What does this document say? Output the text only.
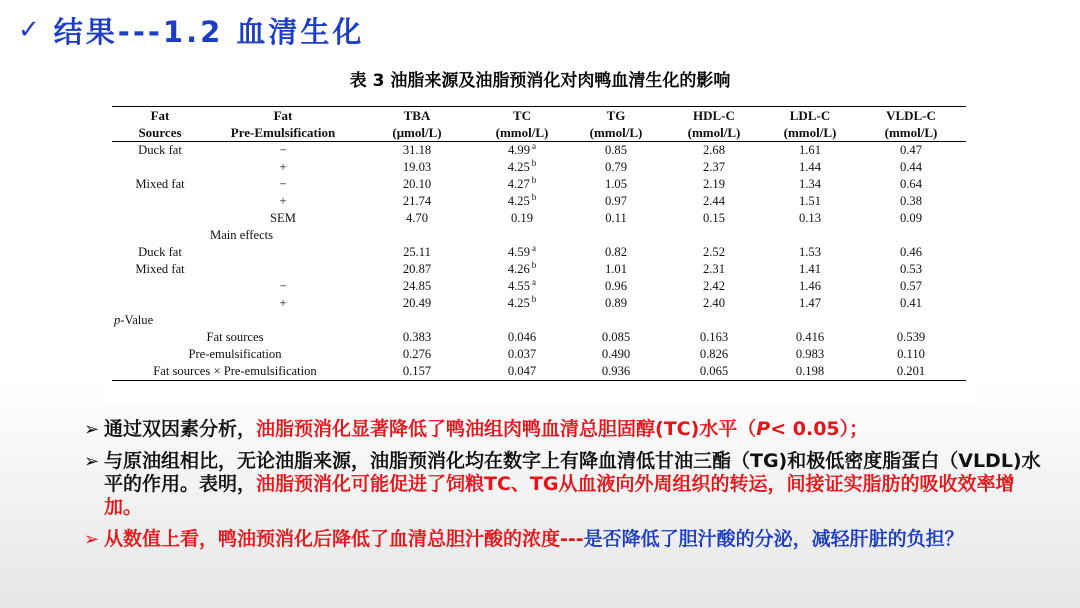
✓ 结果---1.2 血清生化
表 3 油脂来源及油脂预消化对肉鸭血清生化的影响
Fat	Fat	TBA	TC	TG	HDL-C	LDL-C	VLDL-C
Sources	Pre-Emulsification	(μmol/L)	(mmol/L)	(mmol/L)	(mmol/L)	(mmol/L)	(mmol/L)
Duck fat	−	31.18	4.99 $^a$	0.85	2.68	1.61	0.47
	+	19.03	4.25 $^b$	0.79	2.37	1.44	0.44
Mixed fat	−	20.10	4.27 $^b$	1.05	2.19	1.34	0.64
	+	21.74	4.25 $^b$	0.97	2.44	1.51	0.38
	SEM	4.70	0.19	0.11	0.15	0.13	0.09
	Main effects						
Duck fat		25.11	4.59 $^a$	0.82	2.52	1.53	0.46
Mixed fat		20.87	4.26 $^b$	1.01	2.31	1.41	0.53
	−	24.85	4.55 $^a$	0.96	2.42	1.46	0.57
	+	20.49	4.25 $^b$	0.89	2.40	1.47	0.41
p-Value							
Fat sources		0.383	0.046	0.085	0.163	0.416	0.539
Pre-emulsification		0.276	0.037	0.490	0.826	0.983	0.110
Fat sources × Pre-emulsification		0.157	0.047	0.936	0.065	0.198	0.201
➢ 通过双因素分析，油脂预消化显著降低了鸭油组肉鸭血清总胆固醇(TC)水平（P< 0.05）；
➢ 与原油组相比，无论油脂来源，油脂预消化均在数字上有降血清低甘油三酯（TG)和极低密度脂蛋白（VLDL)水平的作用。表明，油脂预消化可能促进了饲粮TC、TG从血液向外周组织的转运，间接证实脂肪的吸收效率增加。
➢ 从数值上看，鸭油预消化后降低了血清总胆汁酸的浓度---是否降低了胆汁酸的分泌，减轻肝脏的负担？
